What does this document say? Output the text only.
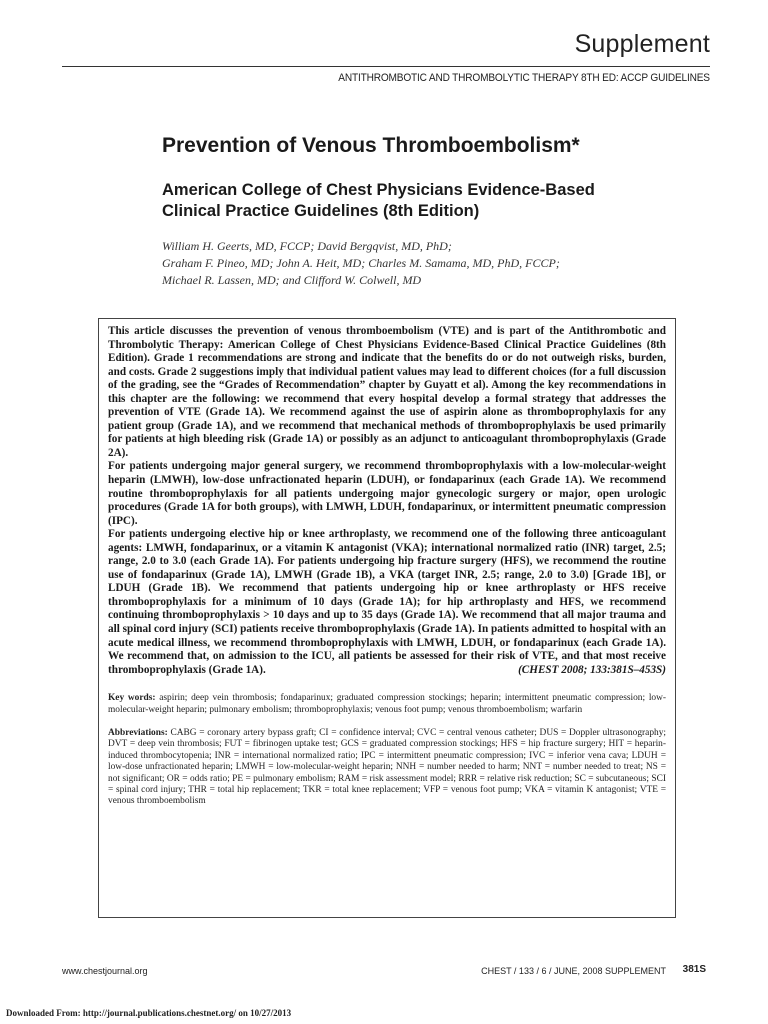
Supplement
ANTITHROMBOTIC AND THROMBOLYTIC THERAPY 8TH ED: ACCP GUIDELINES
Prevention of Venous Thromboembolism*
American College of Chest Physicians Evidence-Based Clinical Practice Guidelines (8th Edition)
William H. Geerts, MD, FCCP; David Bergqvist, MD, PhD;
Graham F. Pineo, MD; John A. Heit, MD; Charles M. Samama, MD, PhD, FCCP;
Michael R. Lassen, MD; and Clifford W. Colwell, MD

This article discusses the prevention of venous thromboembolism (VTE) and is part of the Antithrombotic and Thrombolytic Therapy: American College of Chest Physicians Evidence-Based Clinical Practice Guidelines (8th Edition). Grade 1 recommendations are strong and indicate that the benefits do or do not outweigh risks, burden, and costs. Grade 2 suggestions imply that individual patient values may lead to different choices (for a full discussion of the grading, see the “Grades of Recommendation” chapter by Guyatt et al). Among the key recommendations in this chapter are the following: we recommend that every hospital develop a formal strategy that addresses the prevention of VTE (Grade 1A). We recommend against the use of aspirin alone as thromboprophylaxis for any patient group (Grade 1A), and we recommend that mechanical methods of thromboprophylaxis be used primarily for patients at high bleeding risk (Grade 1A) or possibly as an adjunct to anticoagulant thromboprophylaxis (Grade 2A).

For patients undergoing major general surgery, we recommend thromboprophylaxis with a low-molecular-weight heparin (LMWH), low-dose unfractionated heparin (LDUH), or fondaparinux (each Grade 1A). We recommend routine thromboprophylaxis for all patients undergoing major gynecologic surgery or major, open urologic procedures (Grade 1A for both groups), with LMWH, LDUH, fondaparinux, or intermittent pneumatic compression (IPC).

For patients undergoing elective hip or knee arthroplasty, we recommend one of the following three anticoagulant agents: LMWH, fondaparinux, or a vitamin K antagonist (VKA); international normalized ratio (INR) target, 2.5; range, 2.0 to 3.0 (each Grade 1A). For patients undergoing hip fracture surgery (HFS), we recommend the routine use of fondaparinux (Grade 1A), LMWH (Grade 1B), a VKA (target INR, 2.5; range, 2.0 to 3.0) [Grade 1B], or LDUH (Grade 1B). We recommend that patients undergoing hip or knee arthroplasty or HFS receive thromboprophylaxis for a minimum of 10 days (Grade 1A); for hip arthroplasty and HFS, we recommend continuing thromboprophylaxis > 10 days and up to 35 days (Grade 1A). We recommend that all major trauma and all spinal cord injury (SCI) patients receive thromboprophylaxis (Grade 1A). In patients admitted to hospital with an acute medical illness, we recommend thromboprophylaxis with LMWH, LDUH, or fondaparinux (each Grade 1A). We recommend that, on admission to the ICU, all patients be assessed for their risk of VTE, and that most receive thromboprophylaxis (Grade 1A).	(CHEST 2008; 133:381S–453S)

Key words: aspirin; deep vein thrombosis; fondaparinux; graduated compression stockings; heparin; intermittent pneumatic compression; low-molecular-weight heparin; pulmonary embolism; thromboprophylaxis; venous foot pump; venous thromboembolism; warfarin

Abbreviations: CABG = coronary artery bypass graft; CI = confidence interval; CVC = central venous catheter; DUS = Doppler ultrasonography; DVT = deep vein thrombosis; FUT = fibrinogen uptake test; GCS = graduated compression stockings; HFS = hip fracture surgery; HIT = heparin-induced thrombocytopenia; INR = international normalized ratio; IPC = intermittent pneumatic compression; IVC = inferior vena cava; LDUH = low-dose unfractionated heparin; LMWH = low-molecular-weight heparin; NNH = number needed to harm; NNT = number needed to treat; NS = not significant; OR = odds ratio; PE = pulmonary embolism; RAM = risk assessment model; RRR = relative risk reduction; SC = subcutaneous; SCI = spinal cord injury; THR = total hip replacement; TKR = total knee replacement; VFP = venous foot pump; VKA = vitamin K antagonist; VTE = venous thromboembolism

www.chestjournal.org	CHEST / 133 / 6 / JUNE, 2008 SUPPLEMENT 381S
Downloaded From: http://journal.publications.chestnet.org/ on 10/27/2013
